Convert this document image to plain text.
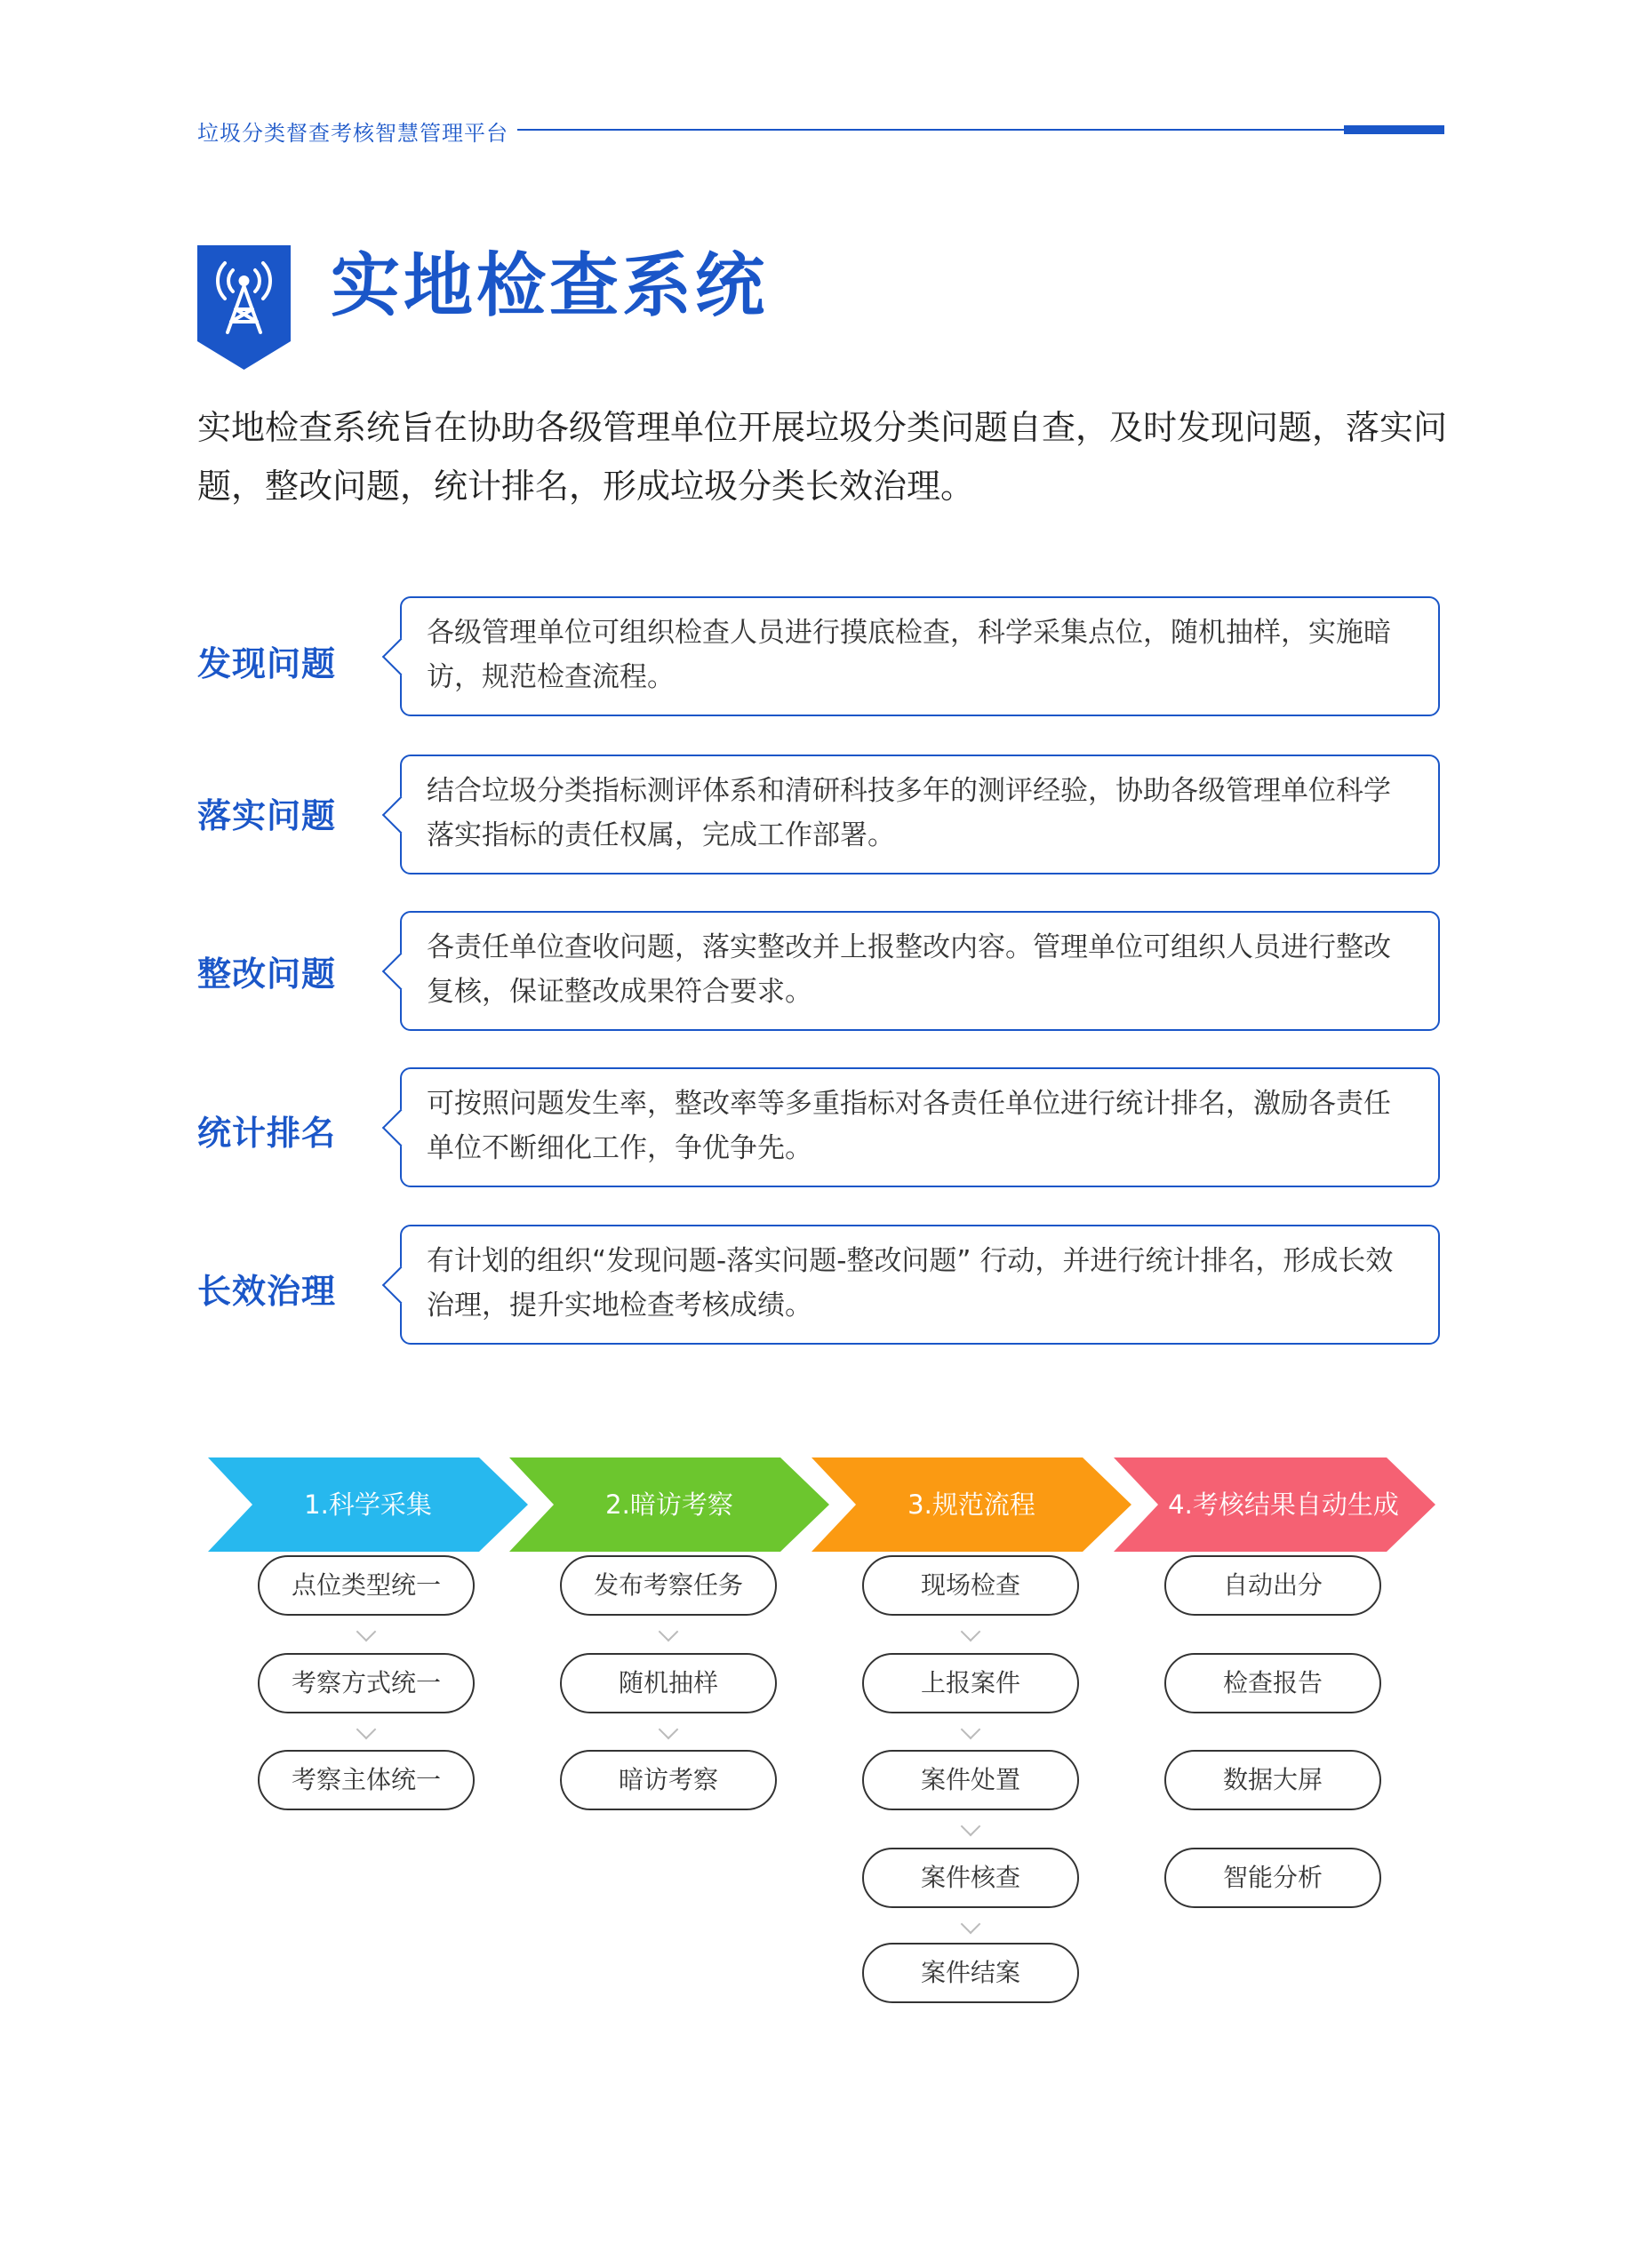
垃圾分类督查考核智慧管理平台
实地检查系统
实地检查系统旨在协助各级管理单位开展垃圾分类问题自查，及时发现问题，落实问题，整改问题，统计排名，形成垃圾分类长效治理。
发现问题
各级管理单位可组织检查人员进行摸底检查，科学采集点位，随机抽样，实施暗访，规范检查流程。
落实问题
结合垃圾分类指标测评体系和清研科技多年的测评经验，协助各级管理单位科学落实指标的责任权属，完成工作部署。
整改问题
各责任单位查收问题，落实整改并上报整改内容。管理单位可组织人员进行整改复核，保证整改成果符合要求。
统计排名
可按照问题发生率，整改率等多重指标对各责任单位进行统计排名，激励各责任单位不断细化工作，争优争先。
长效治理
有计划的组织“发现问题-落实问题-整改问题” 行动，并进行统计排名，形成长效治理，提升实地检查考核成绩。
1.科学采集	2.暗访考察	3.规范流程	4.考核结果自动生成
点位类型统一
考察方式统一
考察主体统一
发布考察任务
随机抽样
暗访考察
现场检查
上报案件
案件处置
案件核查
案件结案
自动出分
检查报告
数据大屏
智能分析
